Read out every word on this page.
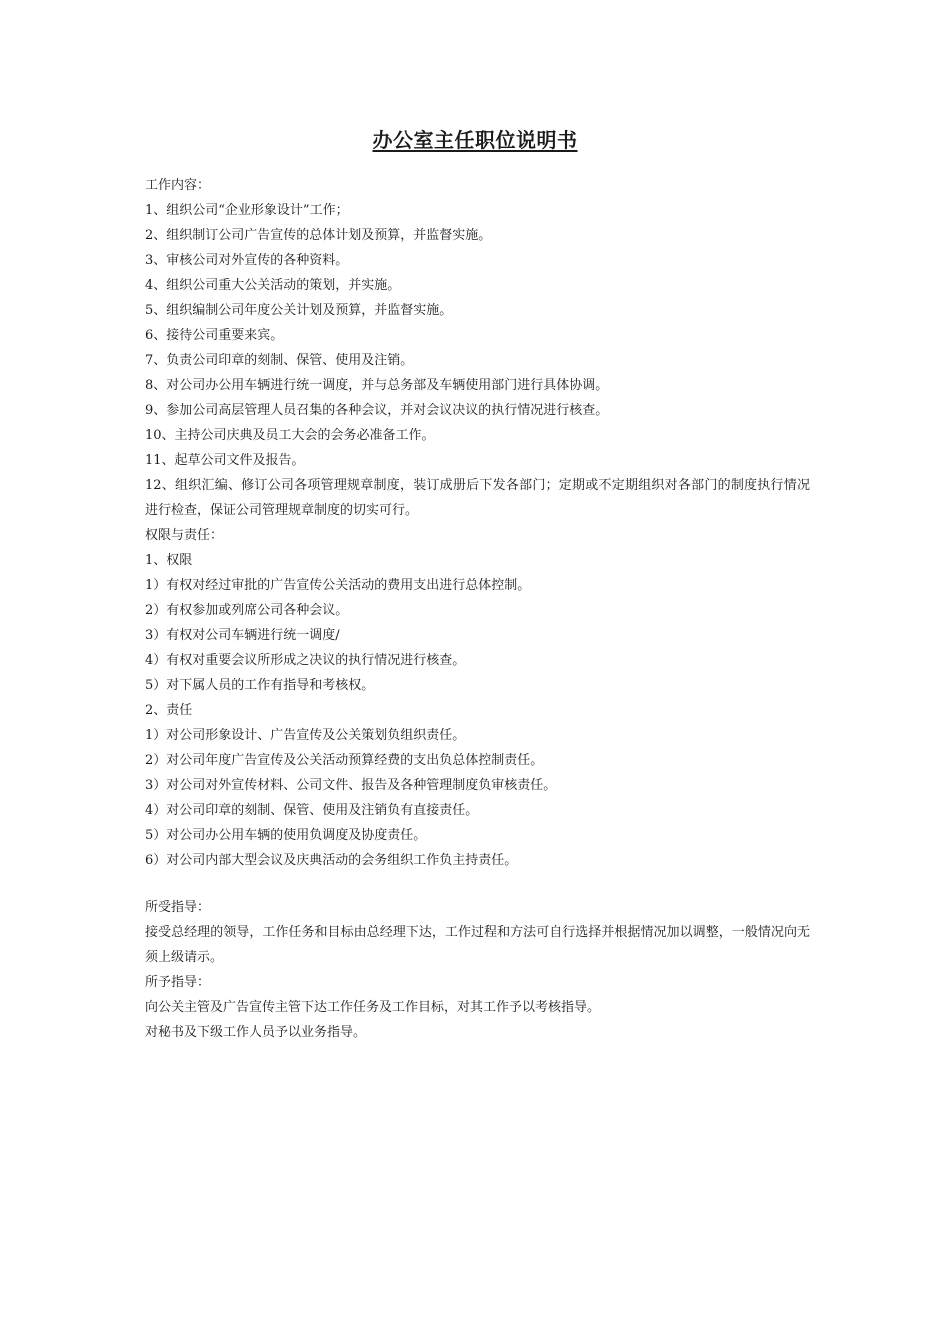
办公室主任职位说明书
工作内容：
1、组织公司“企业形象设计”工作；
2、组织制订公司广告宣传的总体计划及预算，并监督实施。
3、审核公司对外宣传的各种资料。
4、组织公司重大公关活动的策划，并实施。
5、组织编制公司年度公关计划及预算，并监督实施。
6、接待公司重要来宾。
7、负责公司印章的刻制、保管、使用及注销。
8、对公司办公用车辆进行统一调度，并与总务部及车辆使用部门进行具体协调。
9、参加公司高层管理人员召集的各种会议，并对会议决议的执行情况进行核查。
10、主持公司庆典及员工大会的会务必准备工作。
11、起草公司文件及报告。
12、组织汇编、修订公司各项管理规章制度，装订成册后下发各部门；定期或不定期组织对各部门的制度执行情况进行检查，保证公司管理规章制度的切实可行。
权限与责任：
1、权限
1）有权对经过审批的广告宣传公关活动的费用支出进行总体控制。
2）有权参加或列席公司各种会议。
3）有权对公司车辆进行统一调度/
4）有权对重要会议所形成之决议的执行情况进行核查。
5）对下属人员的工作有指导和考核权。
2、责任
1）对公司形象设计、广告宣传及公关策划负组织责任。
2）对公司年度广告宣传及公关活动预算经费的支出负总体控制责任。
3）对公司对外宣传材料、公司文件、报告及各种管理制度负审核责任。
4）对公司印章的刻制、保管、使用及注销负有直接责任。
5）对公司办公用车辆的使用负调度及协度责任。
6）对公司内部大型会议及庆典活动的会务组织工作负主持责任。
所受指导：
接受总经理的领导，工作任务和目标由总经理下达，工作过程和方法可自行选择并根据情况加以调整，一般情况向无须上级请示。
所予指导：
向公关主管及广告宣传主管下达工作任务及工作目标，对其工作予以考核指导。
对秘书及下级工作人员予以业务指导。
